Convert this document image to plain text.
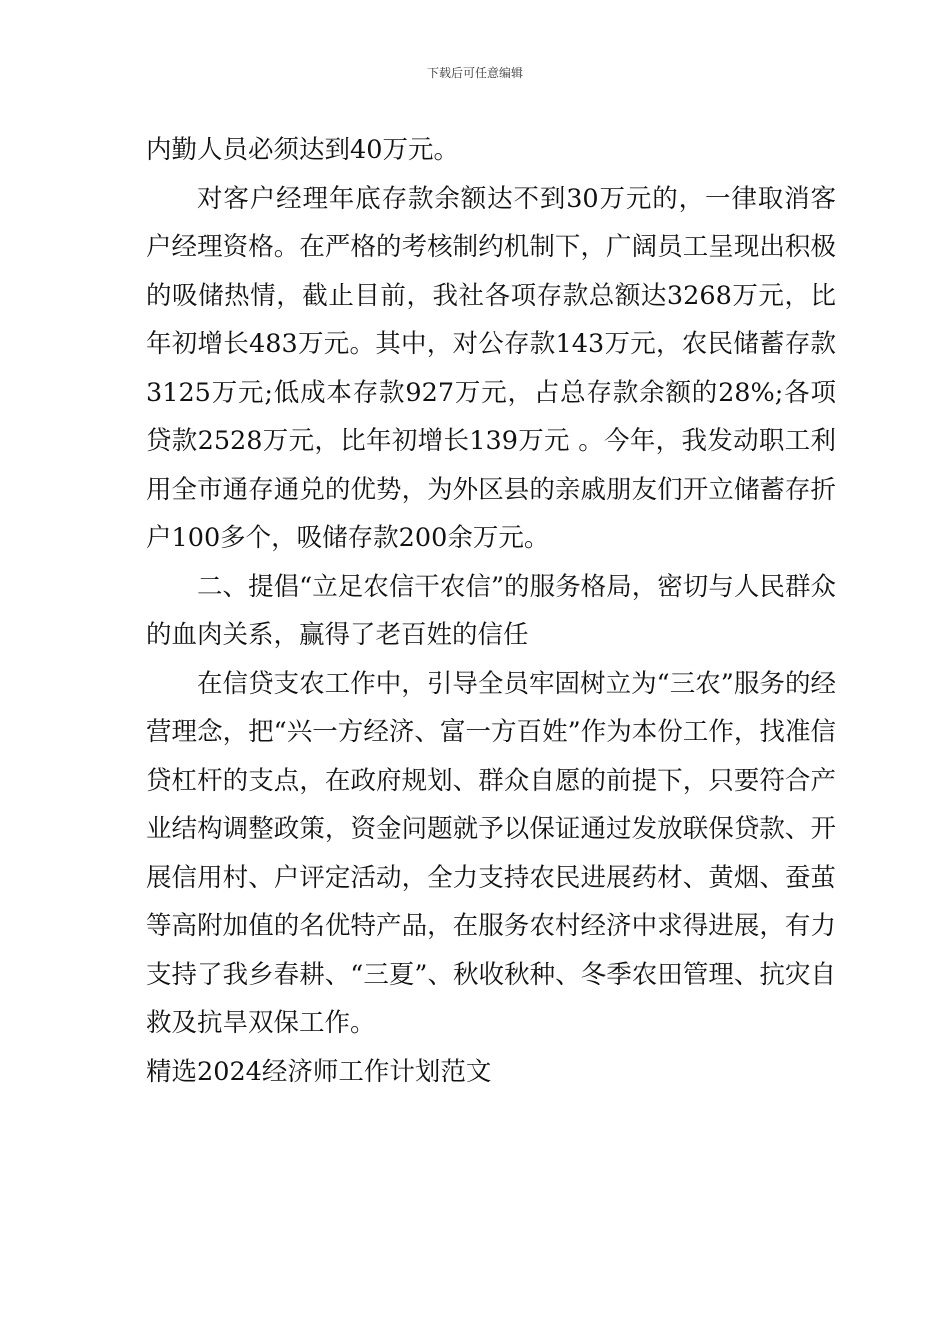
下载后可任意编辑

内勤人员必须达到40万元。

对客户经理年底存款余额达不到30万元的，一律取消客户经理资格。在严格的考核制约机制下，广阔员工呈现出积极的吸储热情，截止目前，我社各项存款总额达3268万元，比年初增长483万元。其中，对公存款143万元，农民储蓄存款3125万元;低成本存款927万元，占总存款余额的28%;各项贷款2528万元，比年初增长139万元 。今年，我发动职工利用全市通存通兑的优势，为外区县的亲戚朋友们开立储蓄存折户100多个，吸储存款200余万元。

二、提倡“立足农信干农信”的服务格局，密切与人民群众的血肉关系，赢得了老百姓的信任

在信贷支农工作中，引导全员牢固树立为“三农”服务的经营理念，把“兴一方经济、富一方百姓”作为本份工作，找准信贷杠杆的支点，在政府规划、群众自愿的前提下，只要符合产业结构调整政策，资金问题就予以保证通过发放联保贷款、开展信用村、户评定活动，全力支持农民进展药材、黄烟、蚕茧等高附加值的名优特产品，在服务农村经济中求得进展，有力支持了我乡春耕、“三夏”、秋收秋种、冬季农田管理、抗灾自救及抗旱双保工作。

精选2024经济师工作计划范文
